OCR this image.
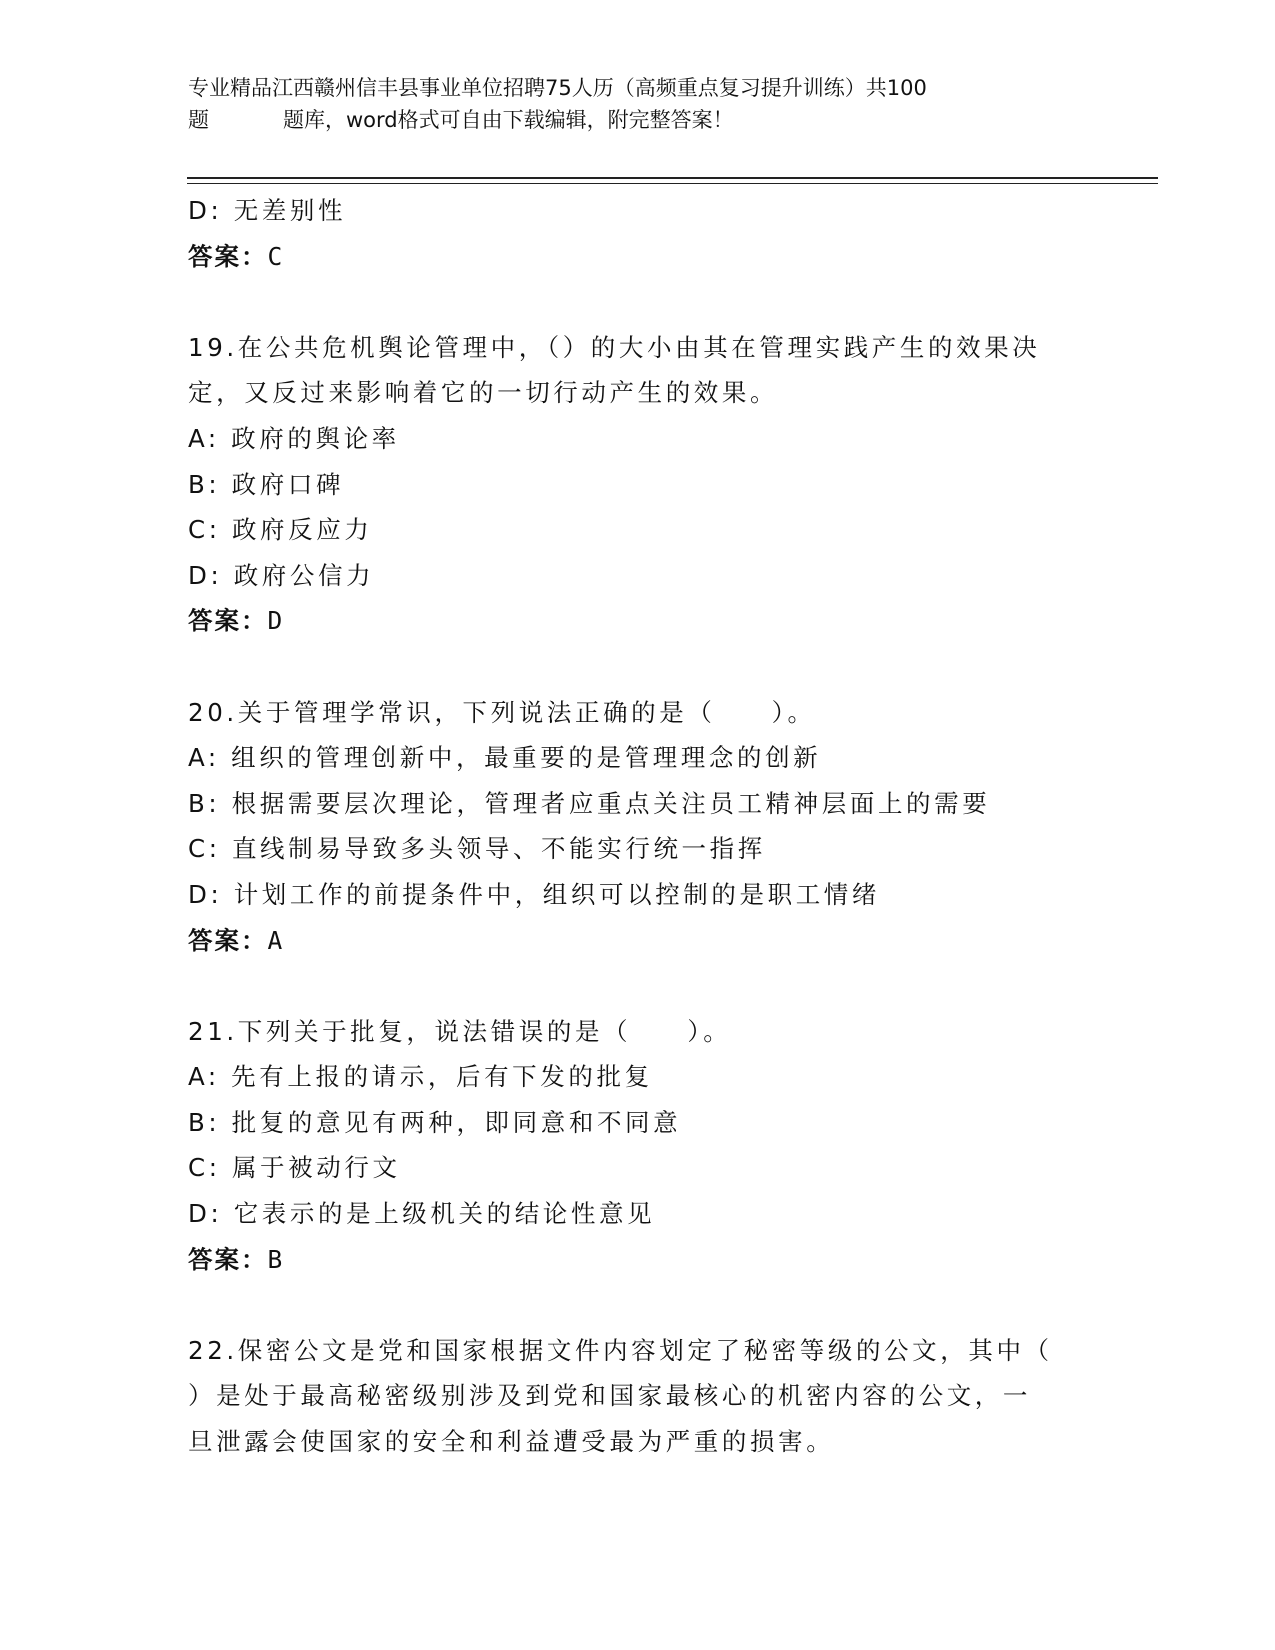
专业精品江西赣州信丰县事业单位招聘75人历（高频重点复习提升训练）共100
题	题库，word格式可自由下载编辑，附完整答案！
D: 无差别性
答案：C
19.在公共危机舆论管理中，（）的大小由其在管理实践产生的效果决
定，又反过来影响着它的一切行动产生的效果。
A: 政府的舆论率
B: 政府口碑
C: 政府反应力
D: 政府公信力
答案：D
20.关于管理学常识，下列说法正确的是（　　）。
A: 组织的管理创新中，最重要的是管理理念的创新
B: 根据需要层次理论，管理者应重点关注员工精神层面上的需要
C: 直线制易导致多头领导、不能实行统一指挥
D: 计划工作的前提条件中，组织可以控制的是职工情绪
答案：A
21.下列关于批复，说法错误的是（　　）。
A: 先有上报的请示，后有下发的批复
B: 批复的意见有两种，即同意和不同意
C: 属于被动行文
D: 它表示的是上级机关的结论性意见
答案：B
22.保密公文是党和国家根据文件内容划定了秘密等级的公文，其中（
）是处于最高秘密级别涉及到党和国家最核心的机密内容的公文，一
旦泄露会使国家的安全和利益遭受最为严重的损害。
